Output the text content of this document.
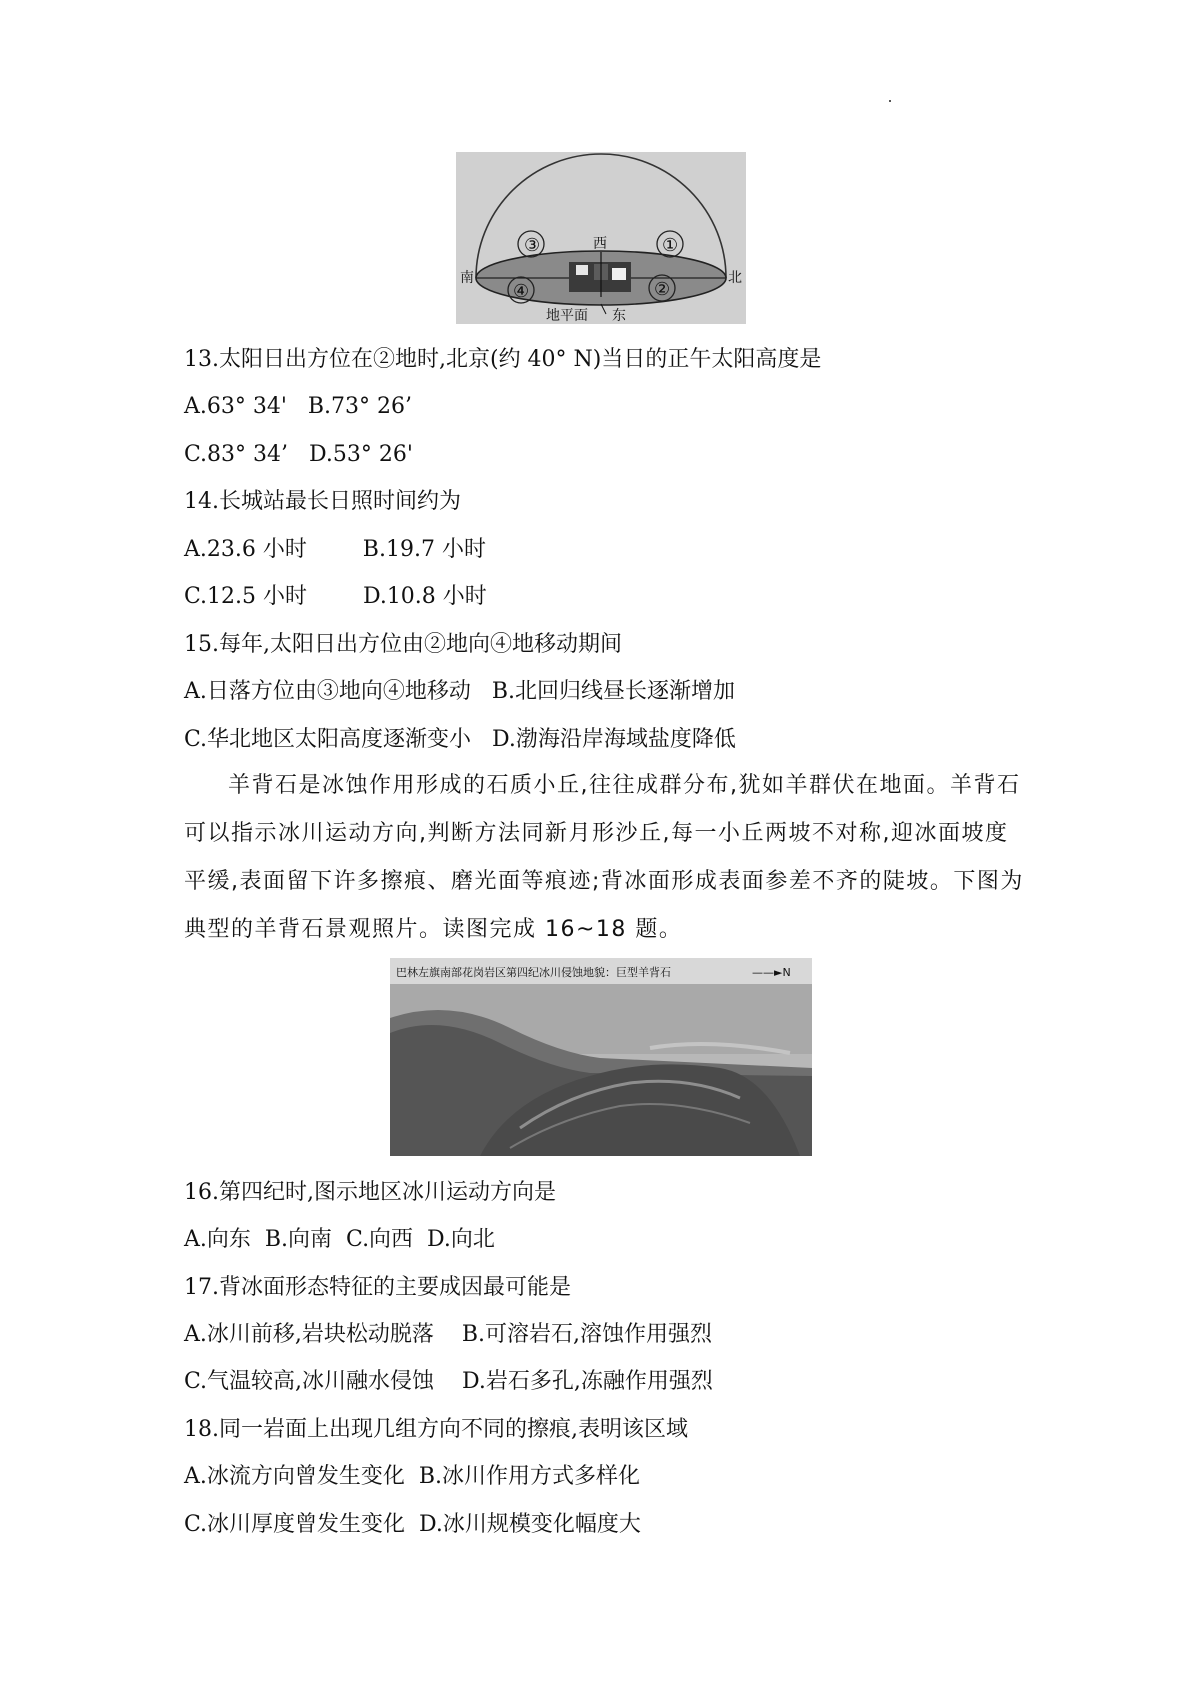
③	①
④	②
西
南	北
地平面 东
13.太阳日出方位在②地时,北京(约 40° N)当日的正午太阳高度是
A.63° 34'   B.73° 26’
C.83° 34’   D.53° 26'
14.长城站最长日照时间约为
A.23.6 小时        B.19.7 小时
C.12.5 小时        D.10.8 小时
15.每年,太阳日出方位由②地向④地移动期间
A.日落方位由③地向④地移动   B.北回归线昼长逐渐增加
C.华北地区太阳高度逐渐变小   D.渤海沿岸海域盐度降低
羊背石是冰蚀作用形成的石质小丘,往往成群分布,犹如羊群伏在地面。羊背石可以指示冰川运动方向,判断方法同新月形沙丘,每一小丘两坡不对称,迎冰面坡度平缓,表面留下许多擦痕、磨光面等痕迹;背冰面形成表面参差不齐的陡坡。下图为典型的羊背石景观照片。读图完成 16~18 题。
巴林左旗南部花岗岩区第四纪冰川侵蚀地貌：巨型羊背石	——►N
16.第四纪时,图示地区冰川运动方向是
A.向东  B.向南  C.向西  D.向北
17.背冰面形态特征的主要成因最可能是
A.冰川前移,岩块松动脱落    B.可溶岩石,溶蚀作用强烈
C.气温较高,冰川融水侵蚀    D.岩石多孔,冻融作用强烈
18.同一岩面上出现几组方向不同的擦痕,表明该区域
A.冰流方向曾发生变化  B.冰川作用方式多样化
C.冰川厚度曾发生变化  D.冰川规模变化幅度大
